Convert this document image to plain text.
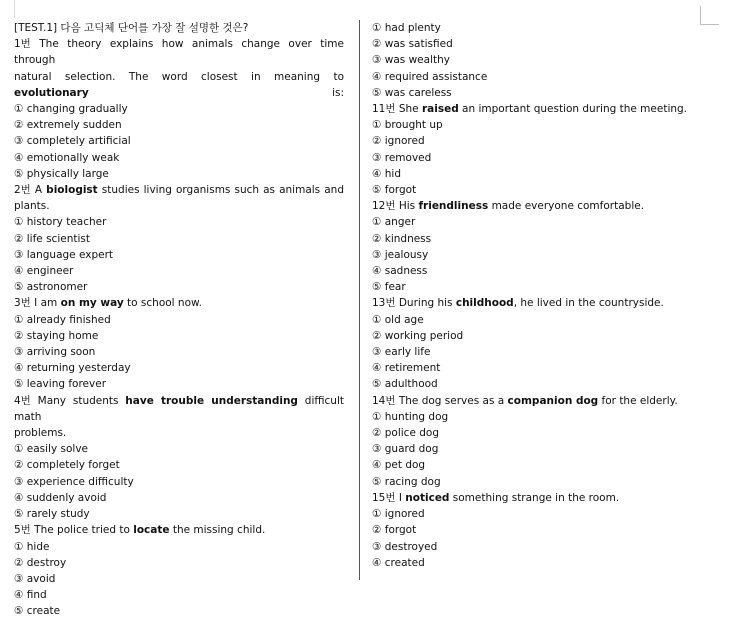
[TEST.1] 다음 고딕체 단어를 가장 잘 설명한 것은?
1번 The theory explains how animals change over time through
natural selection. The word closest in meaning to evolutionary is:
① changing gradually
② extremely sudden
③ completely artificial
④ emotionally weak
⑤ physically large
2번 A biologist studies living organisms such as animals and
plants.
① history teacher
② life scientist
③ language expert
④ engineer
⑤ astronomer
3번 I am on my way to school now.
① already finished
② staying home
③ arriving soon
④ returning yesterday
⑤ leaving forever
4번 Many students have trouble understanding difficult math
problems.
① easily solve
② completely forget
③ experience difficulty
④ suddenly avoid
⑤ rarely study
5번 The police tried to locate the missing child.
① hide
② destroy
③ avoid
④ find
⑤ create
① had plenty
② was satisfied
③ was wealthy
④ required assistance
⑤ was careless
11번 She raised an important question during the meeting.
① brought up
② ignored
③ removed
④ hid
⑤ forgot
12번 His friendliness made everyone comfortable.
① anger
② kindness
③ jealousy
④ sadness
⑤ fear
13번 During his childhood, he lived in the countryside.
① old age
② working period
③ early life
④ retirement
⑤ adulthood
14번 The dog serves as a companion dog for the elderly.
① hunting dog
② police dog
③ guard dog
④ pet dog
⑤ racing dog
15번 I noticed something strange in the room.
① ignored
② forgot
③ destroyed
④ created
